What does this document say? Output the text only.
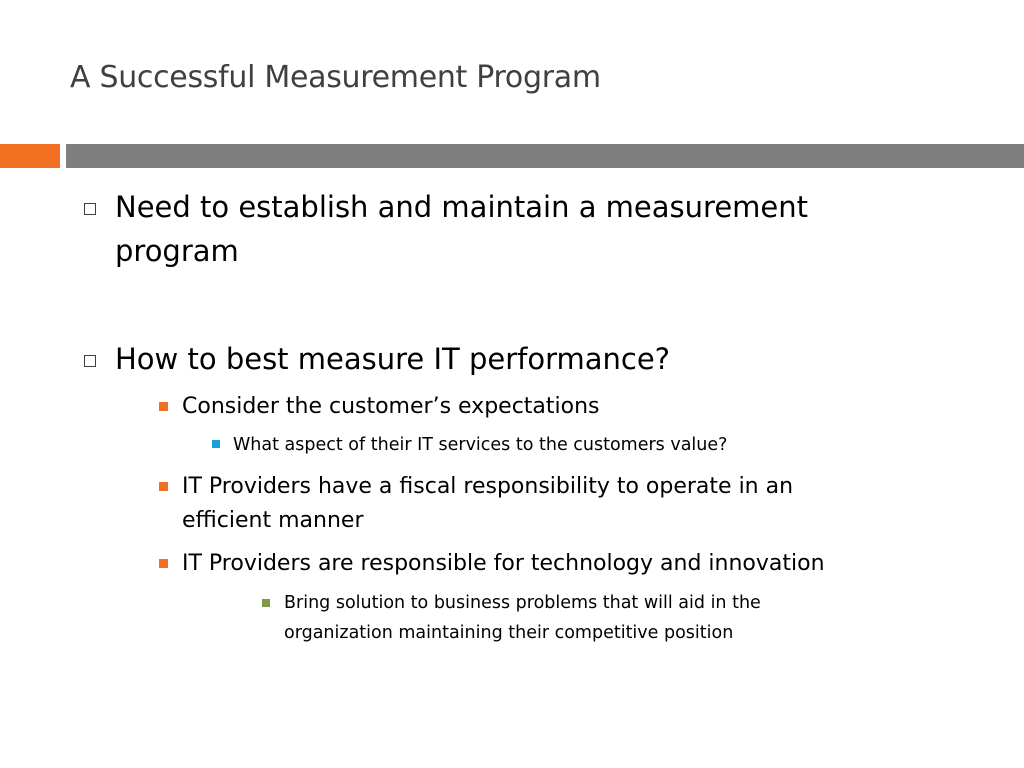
A Successful Measurement Program
Need to establish and maintain a measurement
program
How to best measure IT performance?
Consider the customer’s expectations
What aspect of their IT services to the customers value?
IT Providers have a fiscal responsibility to operate in an
efficient manner
IT Providers are responsible for technology and innovation
Bring solution to business problems that will aid in the
organization maintaining their competitive position
